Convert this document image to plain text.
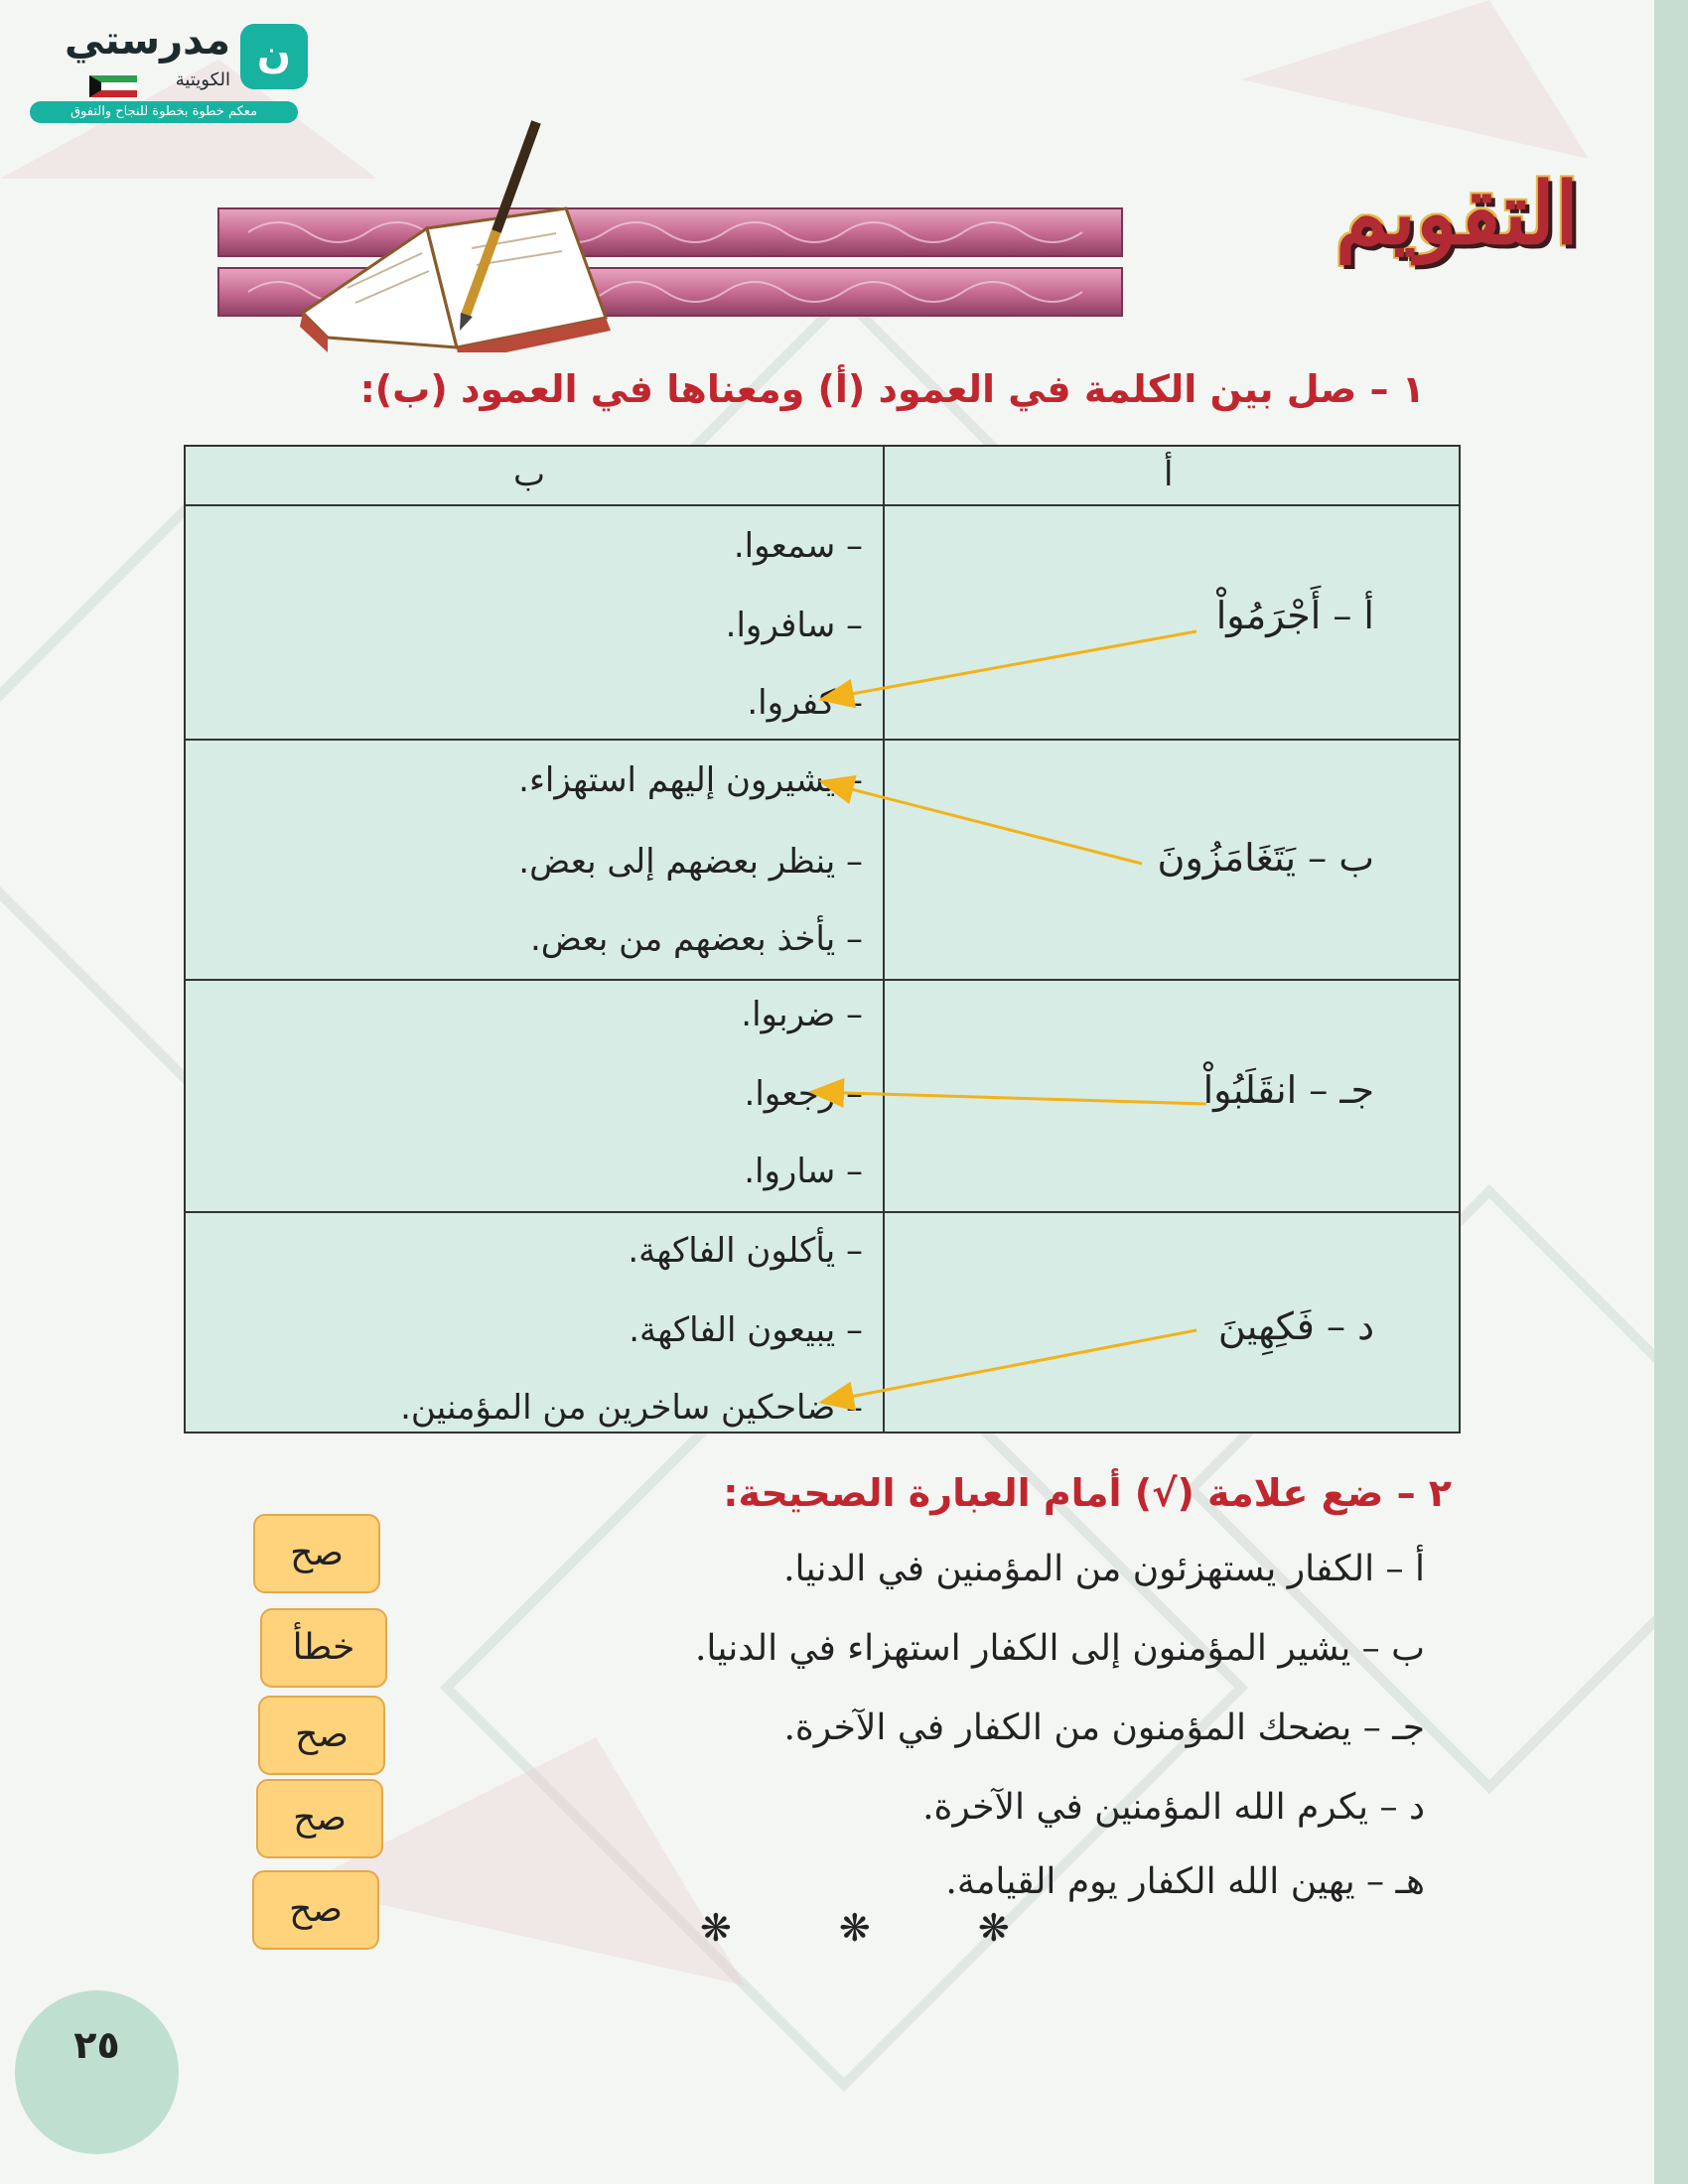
ن
مدرستي
الكويتية
معكم خطوة بخطوة للنجاح والتفوق
التقويم
١ – صل بين الكلمة في العمود (أ) ومعناها في العمود (ب):
أ
ب
أ – أَجْرَمُواْ
– سمعوا.
– سافروا.
– كفروا.
ب – يَتَغَامَزُونَ
– يشيرون إليهم استهزاء.
– ينظر بعضهم إلى بعض.
– يأخذ بعضهم من بعض.
جـ – انقَلَبُواْ
– ضربوا.
– رجعوا.
– ساروا.
د – فَكِهِينَ
– يأكلون الفاكهة.
– يبيعون الفاكهة.
– ضاحكين ساخرين من المؤمنين.
٢ – ضع علامة (√) أمام العبارة الصحيحة:
أ – الكفار يستهزئون من المؤمنين في الدنيا.
ب – يشير المؤمنون إلى الكفار استهزاء في الدنيا.
جـ – يضحك المؤمنون من الكفار في الآخرة.
د – يكرم الله المؤمنين في الآخرة.
هـ – يهين الله الكفار يوم القيامة.
صح
خطأ
صح
صح
صح	❋ ❋ ❋
٢٥
